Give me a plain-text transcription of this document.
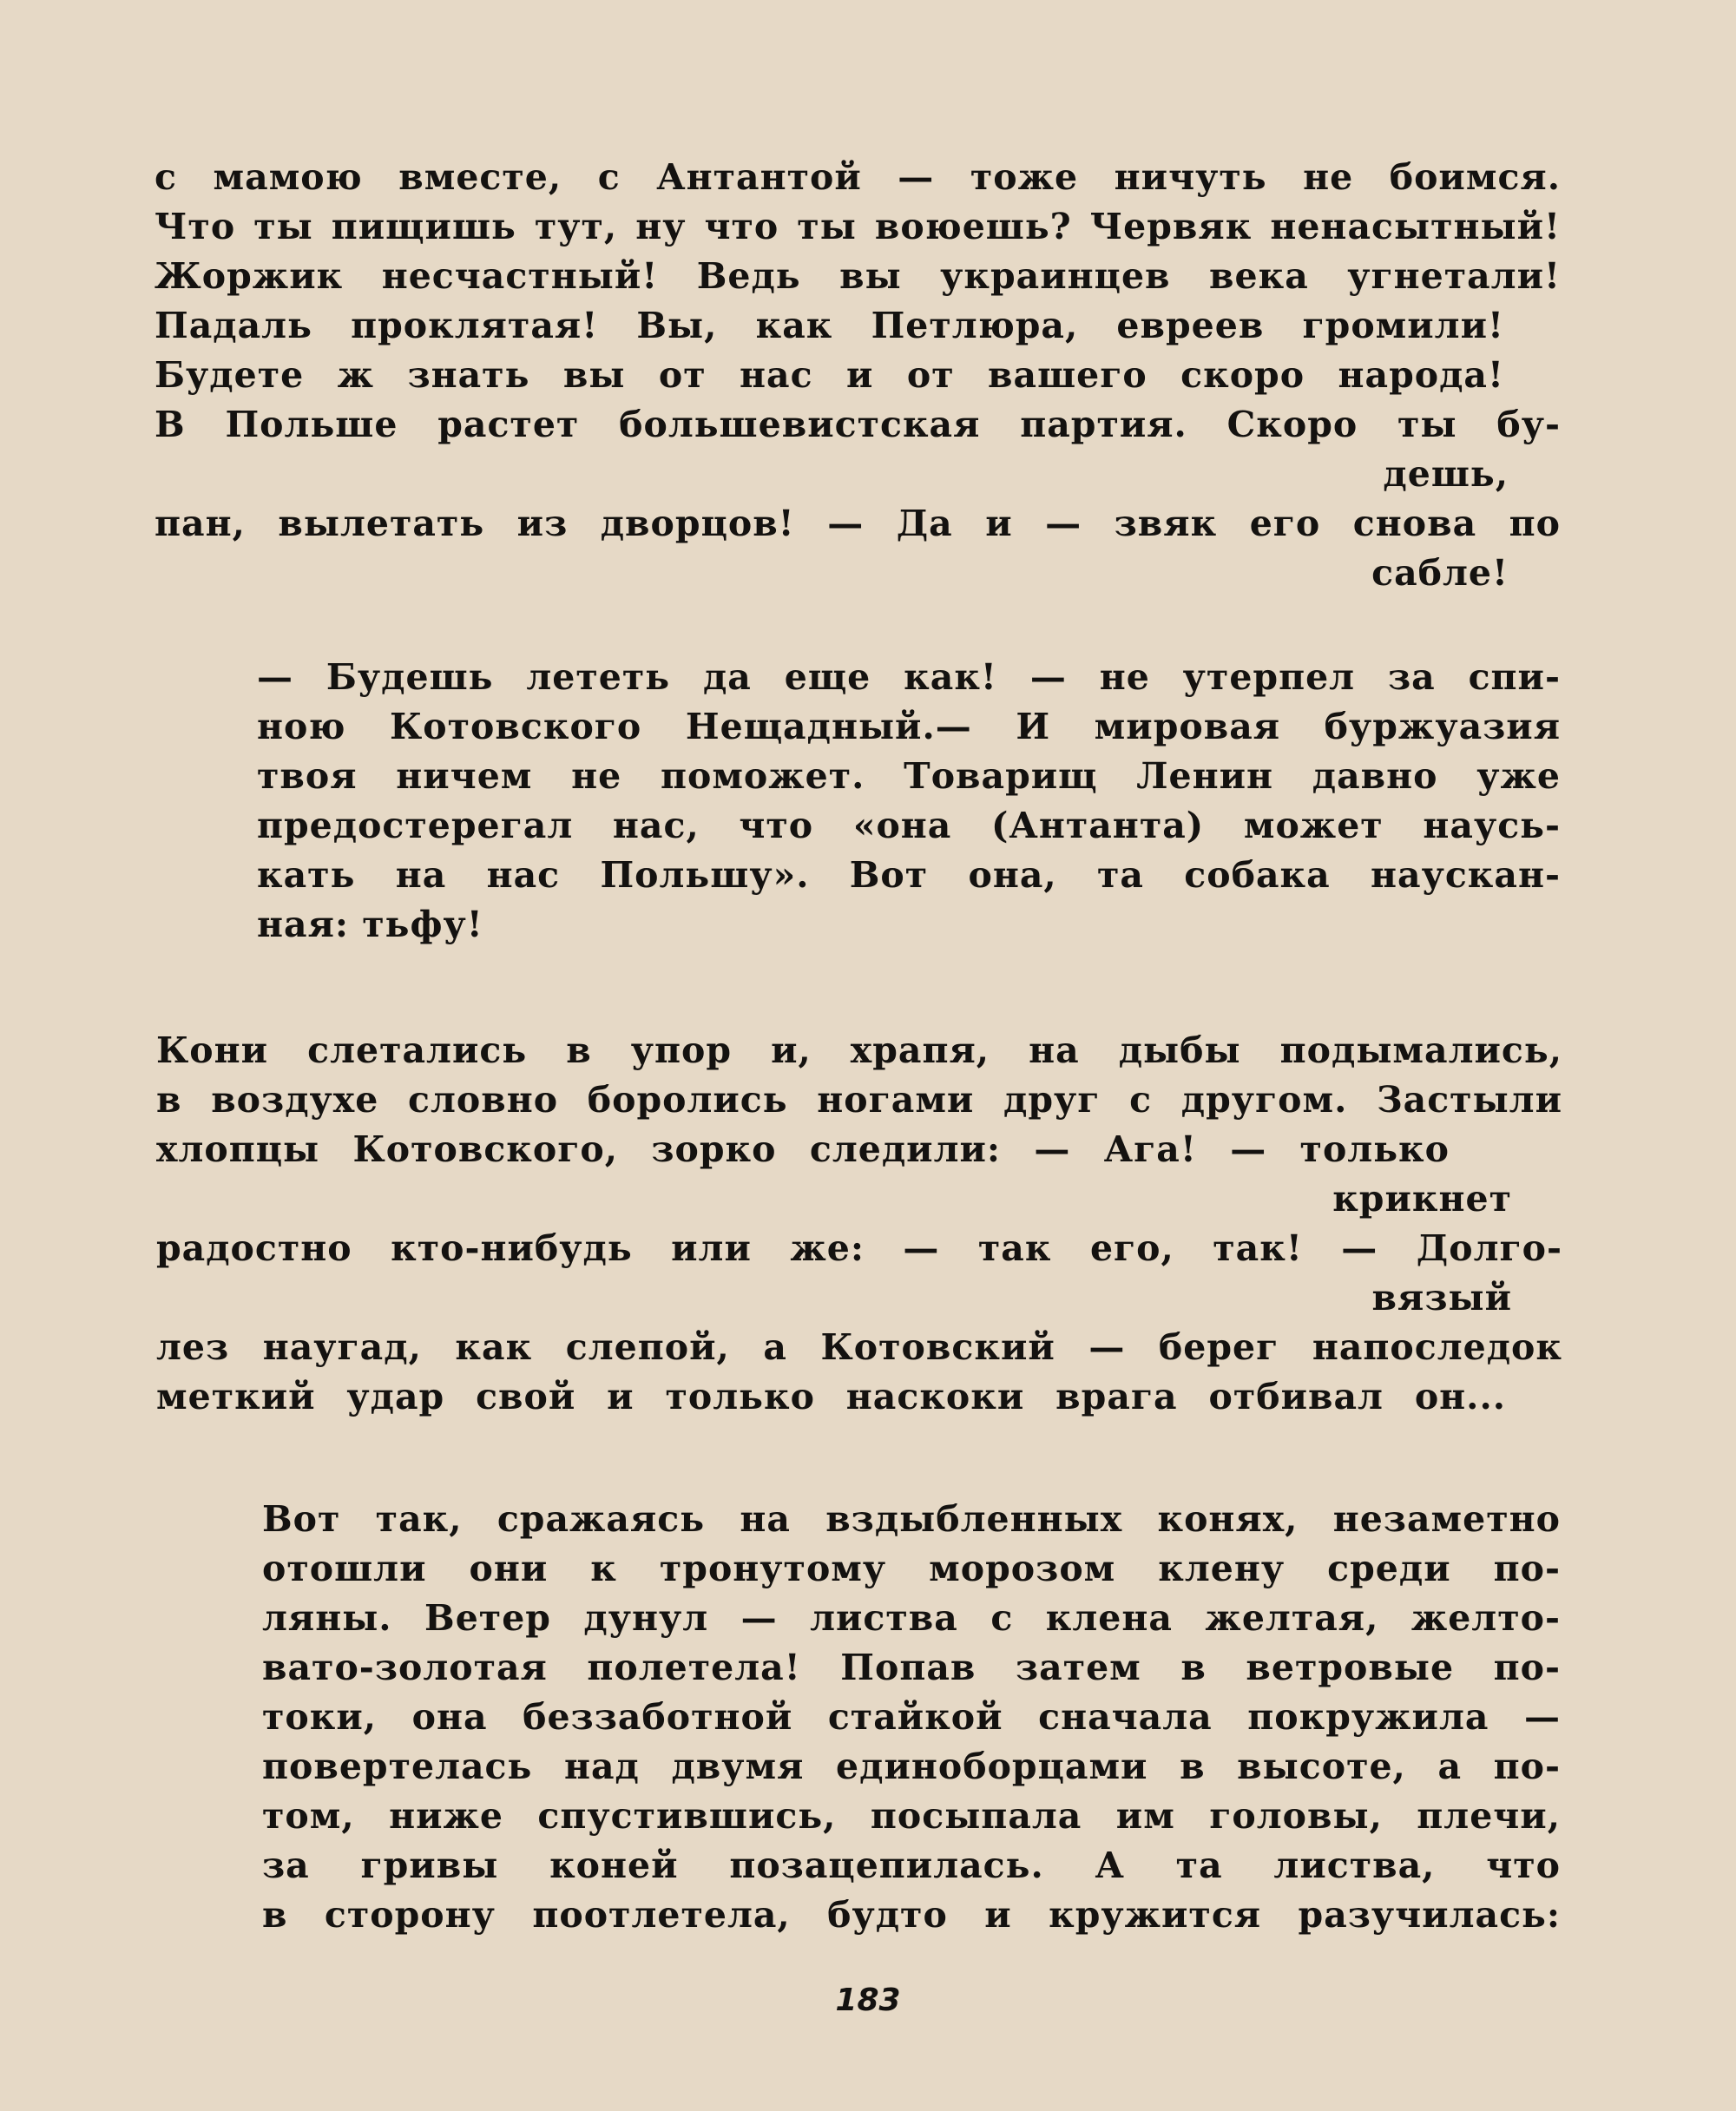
с мамою вместе, с Антантой — тоже ничуть не боимся.
Что ты пищишь тут, ну что ты воюешь? Червяк ненасытный!
Жоржик несчастный! Ведь вы украинцев века угнетали!
Падаль проклятая! Вы, как Петлюра, евреев громили!
Будете ж знать вы от нас и от вашего скоро народа!
В Польше растет большевистская партия. Скоро ты бу-
дешь,
пан, вылетать из дворцов! — Да и — звяк его снова по
сабле!
— Будешь лететь да еще как! — не утерпел за спи-
ною Котовского Нещадный.— И мировая буржуазия
твоя ничем не поможет. Товарищ Ленин давно уже
предостерегал нас, что «она (Антанта) может наусь-
кать на нас Польшу». Вот она, та собака наускан-
ная: тьфу!
Кони слетались в упор и, храпя, на дыбы подымались,
в воздухе словно боролись ногами друг с другом. Застыли
хлопцы Котовского, зорко следили: — Ага! — только
крикнет
радостно кто-нибудь или же: — так его, так! — Долго-
вязый
лез наугад, как слепой, а Котовский — берег напоследок
меткий удар свой и только наскоки врага отбивал он...
Вот так, сражаясь на вздыбленных конях, незаметно
отошли они к тронутому морозом клену среди по-
ляны. Ветер дунул — листва с клена желтая, желто-
вато-золотая полетела! Попав затем в ветровые по-
токи, она беззаботной стайкой сначала покружила —
повертелась над двумя единоборцами в высоте, а по-
том, ниже спустившись, посыпала им головы, плечи,
за гривы коней позацепилась. А та листва, что
в сторону поотлетела, будто и кружится разучилась:
183
